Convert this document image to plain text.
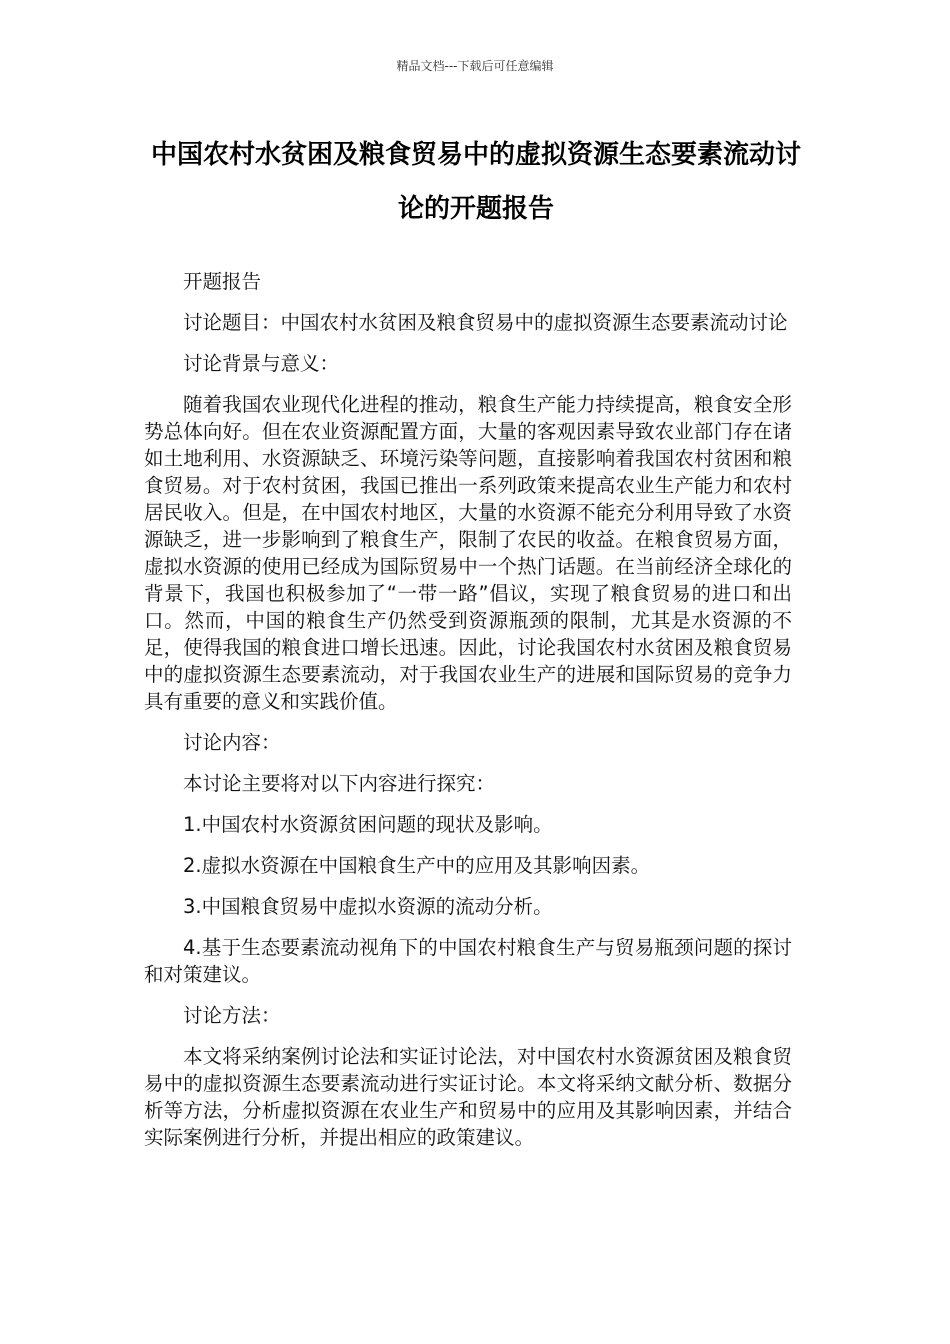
精品文档---下载后可任意编辑
中国农村水贫困及粮食贸易中的虚拟资源生态要素流动讨论的开题报告

开题报告

讨论题目：中国农村水贫困及粮食贸易中的虚拟资源生态要素流动讨论

讨论背景与意义：

随着我国农业现代化进程的推动，粮食生产能力持续提高，粮食安全形势总体向好。但在农业资源配置方面，大量的客观因素导致农业部门存在诸如土地利用、水资源缺乏、环境污染等问题，直接影响着我国农村贫困和粮食贸易。对于农村贫困，我国已推出一系列政策来提高农业生产能力和农村居民收入。但是，在中国农村地区，大量的水资源不能充分利用导致了水资源缺乏，进一步影响到了粮食生产，限制了农民的收益。在粮食贸易方面，虚拟水资源的使用已经成为国际贸易中一个热门话题。在当前经济全球化的背景下，我国也积极参加了“一带一路”倡议，实现了粮食贸易的进口和出口。然而，中国的粮食生产仍然受到资源瓶颈的限制，尤其是水资源的不足，使得我国的粮食进口增长迅速。因此，讨论我国农村水贫困及粮食贸易中的虚拟资源生态要素流动，对于我国农业生产的进展和国际贸易的竞争力具有重要的意义和实践价值。

讨论内容：

本讨论主要将对以下内容进行探究：

1.中国农村水资源贫困问题的现状及影响。

2.虚拟水资源在中国粮食生产中的应用及其影响因素。

3.中国粮食贸易中虚拟水资源的流动分析。

4.基于生态要素流动视角下的中国农村粮食生产与贸易瓶颈问题的探讨和对策建议。

讨论方法：

本文将采纳案例讨论法和实证讨论法，对中国农村水资源贫困及粮食贸易中的虚拟资源生态要素流动进行实证讨论。本文将采纳文献分析、数据分析等方法，分析虚拟资源在农业生产和贸易中的应用及其影响因素，并结合实际案例进行分析，并提出相应的政策建议。
